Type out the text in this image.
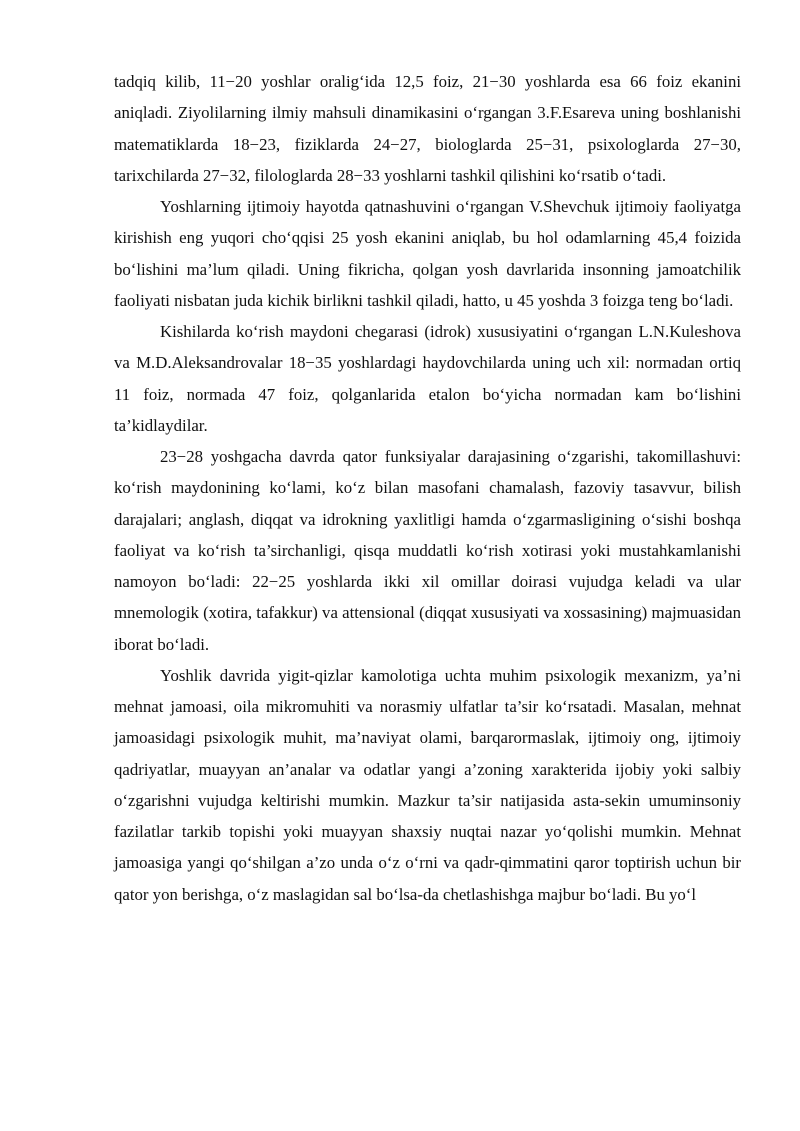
tadqiq kilib, 11−20 yoshlar oralig‘ida 12,5 foiz, 21−30 yoshlarda esa 66 foiz ekanini aniqladi. Ziyolilarning ilmiy mahsuli dinamikasini o‘rgangan 3.F.Esareva uning boshlanishi matematiklarda 18−23, fiziklarda 24−27, biologlarda 25−31, psixologlarda 27−30, tarixchilarda 27−32, filologlarda 28−33 yoshlarni tashkil qilishini ko‘rsatib o‘tadi.

Yoshlarning ijtimoiy hayotda qatnashuvini o‘rgangan V.Shevchuk ijtimoiy faoliyatga kirishish eng yuqori cho‘qqisi 25 yosh ekanini aniqlab, bu hol odamlarning 45,4 foizida bo‘lishini ma’lum qiladi. Uning fikricha, qolgan yosh davrlarida insonning jamoatchilik faoliyati nisbatan juda kichik birlikni tashkil qiladi, hatto, u 45 yoshda 3 foizga teng bo‘ladi.

Kishilarda ko‘rish maydoni chegarasi (idrok) xususiyatini o‘rgangan L.N.Kuleshova va M.D.Aleksandrovalar 18−35 yoshlardagi haydovchilarda uning uch xil: normadan ortiq 11 foiz, normada 47 foiz, qolganlarida etalon bo‘yicha normadan kam bo‘lishini ta’kidlaydilar.

23−28 yoshgacha davrda qator funksiyalar darajasining o‘zgarishi, takomillashuvi: ko‘rish maydonining ko‘lami, ko‘z bilan masofani chamalash, fazoviy tasavvur, bilish darajalari; anglash, diqqat va idrokning yaxlitligi hamda o‘zgarmasligining o‘sishi boshqa faoliyat va ko‘rish ta’sirchanligi, qisqa muddatli ko‘rish xotirasi yoki mustahkamlanishi namoyon bo‘ladi: 22−25 yoshlarda ikki xil omillar doirasi vujudga keladi va ular mnemologik (xotira, tafakkur) va attensional (diqqat xususiyati va xossasining) majmuasidan iborat bo‘ladi.

Yoshlik davrida yigit-qizlar kamolotiga uchta muhim psixologik mexanizm, ya’ni mehnat jamoasi, oila mikromuhiti va norasmiy ulfatlar ta’sir ko‘rsatadi. Masalan, mehnat jamoasidagi psixologik muhit, ma’naviyat olami, barqarormaslak, ijtimoiy ong, ijtimoiy qadriyatlar, muayyan an’analar va odatlar yangi a’zoning xarakterida ijobiy yoki salbiy o‘zgarishni vujudga keltirishi mumkin. Mazkur ta’sir natijasida asta-sekin umuminsoniy fazilatlar tarkib topishi yoki muayyan shaxsiy nuqtai nazar yo‘qolishi mumkin. Mehnat jamoasiga yangi qo‘shilgan a’zo unda o‘z o‘rni va qadr-qimmatini qaror toptirish uchun bir qator yon berishga, o‘z maslagidan sal bo‘lsa-da chetlashishga majbur bo‘ladi. Bu yo‘l
